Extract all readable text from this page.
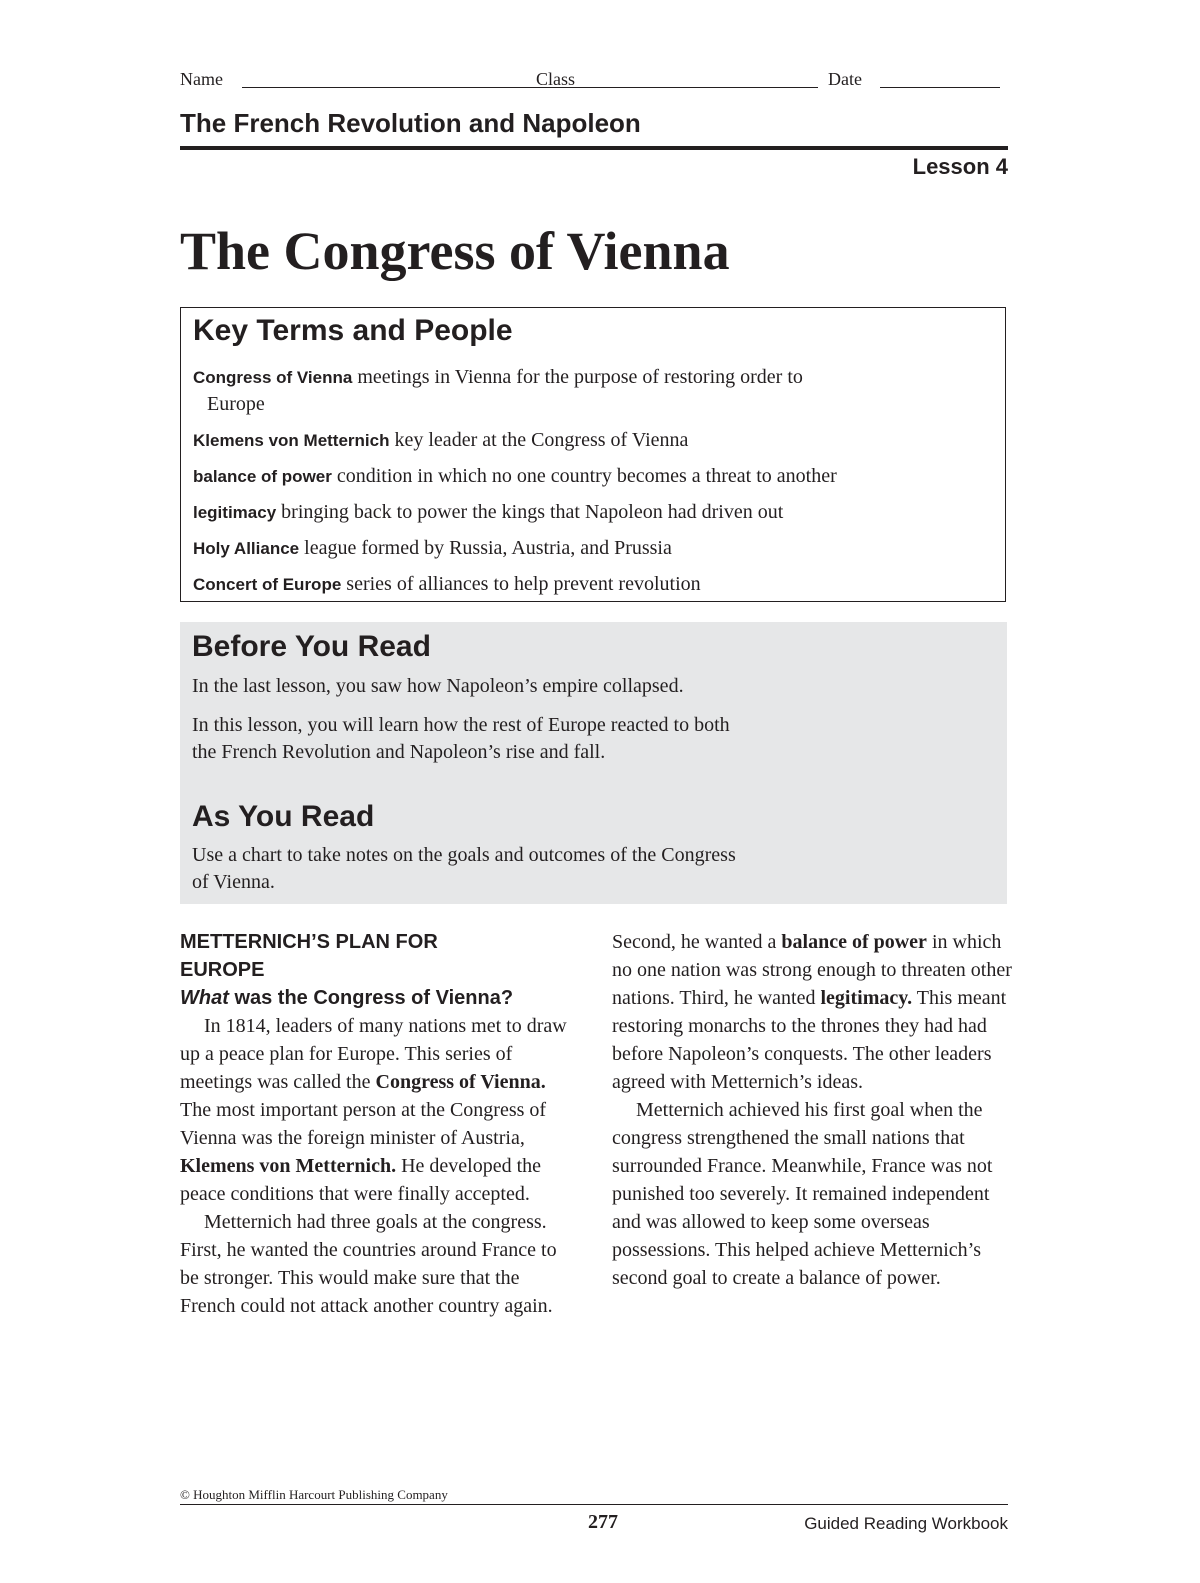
Name	Class	Date
The French Revolution and Napoleon
Lesson 4
The Congress of Vienna
Key Terms and People
Congress of Vienna meetings in Vienna for the purpose of restoring order to
Europe
Klemens von Metternich key leader at the Congress of Vienna
balance of power condition in which no one country becomes a threat to another
legitimacy bringing back to power the kings that Napoleon had driven out
Holy Alliance league formed by Russia, Austria, and Prussia
Concert of Europe series of alliances to help prevent revolution
Before You Read
In the last lesson, you saw how Napoleon’s empire collapsed.
In this lesson, you will learn how the rest of Europe reacted to both
the French Revolution and Napoleon’s rise and fall.
As You Read
Use a chart to take notes on the goals and outcomes of the Congress
of Vienna.
METTERNICH’S PLAN FOR
EUROPE
What was the Congress of Vienna?

In 1814, leaders of many nations met to draw up a peace plan for Europe. This series of meetings was called the Congress of Vienna. The most important person at the Congress of Vienna was the foreign minister of Austria, Klemens von Metternich. He developed the peace conditions that were finally accepted.

Metternich had three goals at the congress. First, he wanted the countries around France to be stronger. This would make sure that the French could not attack another country again.

Second, he wanted a balance of power in which no one nation was strong enough to threaten other nations. Third, he wanted legitimacy. This meant restoring monarchs to the thrones they had had before Napoleon’s conquests. The other leaders agreed with Metternich’s ideas.

Metternich achieved his first goal when the congress strengthened the small nations that surrounded France. Meanwhile, France was not punished too severely. It remained independent and was allowed to keep some overseas possessions. This helped achieve Metternich’s second goal to create a balance of power.

© Houghton Mifflin Harcourt Publishing Company
277	Guided Reading Workbook
